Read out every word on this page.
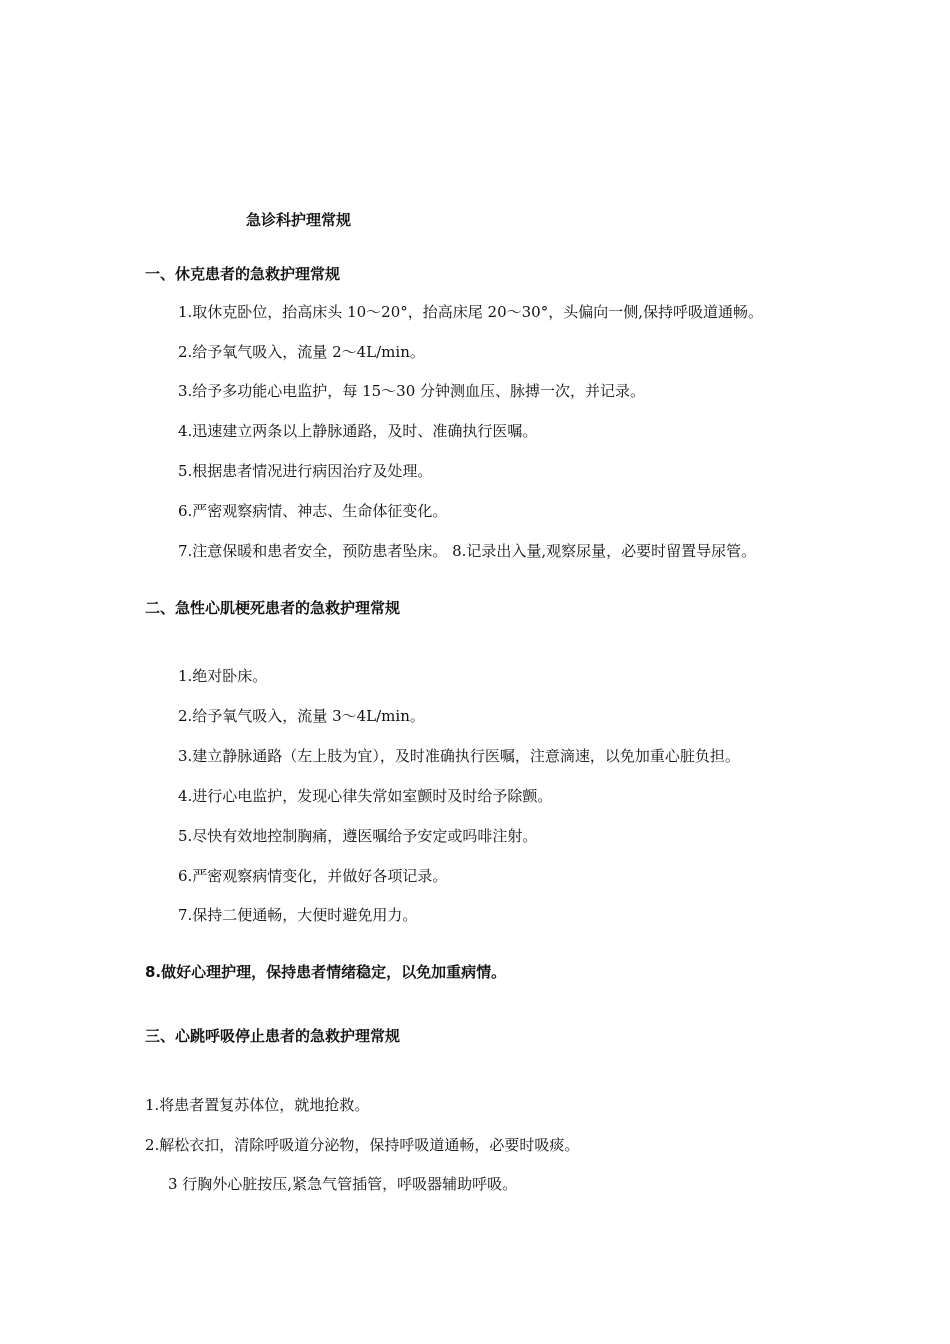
急诊科护理常规
一、休克患者的急救护理常规
1.取休克卧位，抬高床头 10～20°，抬高床尾 20～30°，头偏向一侧,保持呼吸道通畅。
2.给予氧气吸入，流量 2～4L/min。
3.给予多功能心电监护，每 15～30 分钟测血压、脉搏一次，并记录。
4.迅速建立两条以上静脉通路，及时、准确执行医嘱。
5.根据患者情况进行病因治疗及处理。
6.严密观察病情、神志、生命体征变化。
7.注意保暖和患者安全，预防患者坠床。 8.记录出入量,观察尿量，必要时留置导尿管。
二、急性心肌梗死患者的急救护理常规
1.绝对卧床。
2.给予氧气吸入，流量 3～4L/min。
3.建立静脉通路（左上肢为宜），及时准确执行医嘱，注意滴速，以免加重心脏负担。
4.进行心电监护，发现心律失常如室颤时及时给予除颤。
5.尽快有效地控制胸痛，遵医嘱给予安定或吗啡注射。
6.严密观察病情变化，并做好各项记录。
7.保持二便通畅，大便时避免用力。
8.做好心理护理，保持患者情绪稳定，以免加重病情。
三、心跳呼吸停止患者的急救护理常规
1.将患者置复苏体位，就地抢救。
2.解松衣扣，清除呼吸道分泌物，保持呼吸道通畅，必要时吸痰。
3 行胸外心脏按压,紧急气管插管，呼吸器辅助呼吸。
